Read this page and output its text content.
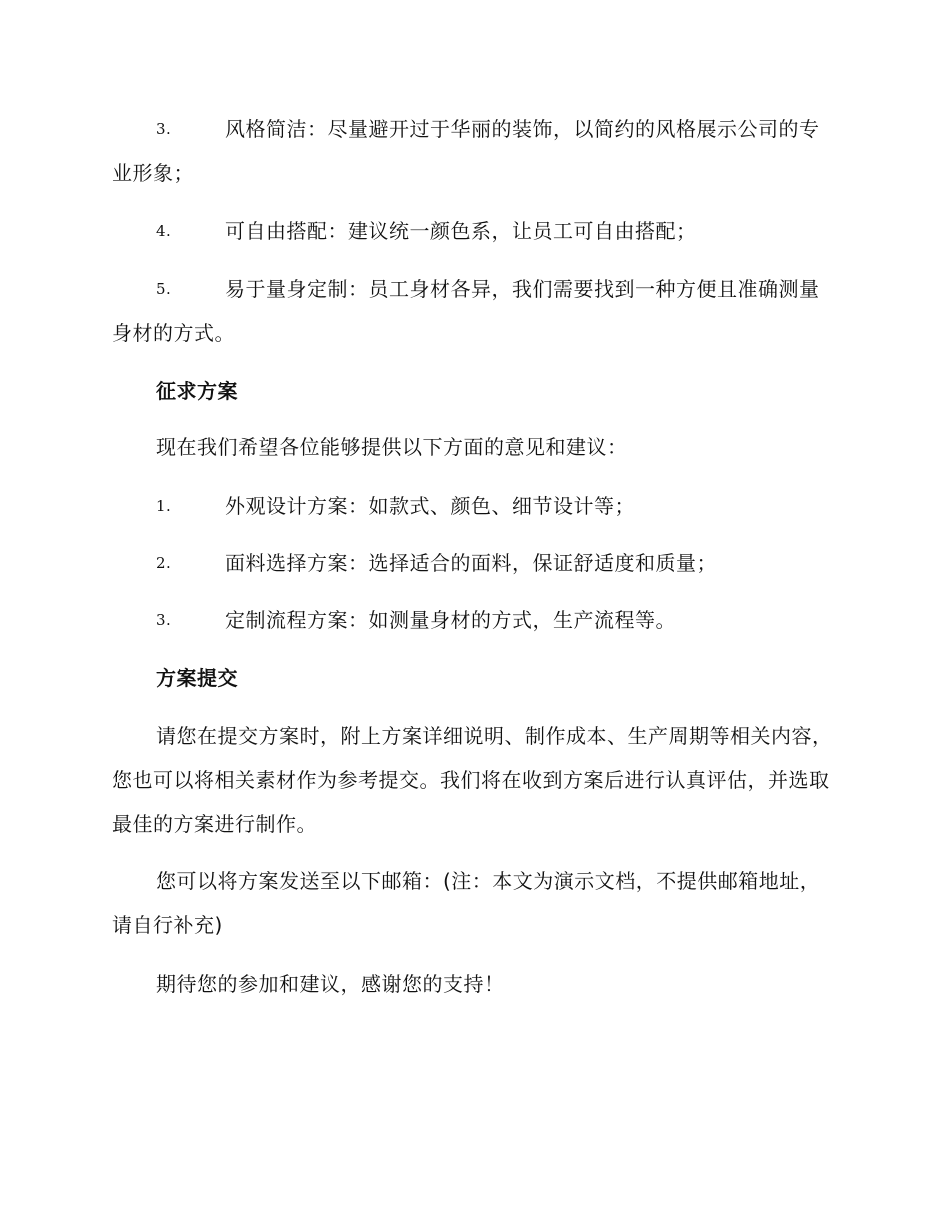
3.	风格简洁：尽量避开过于华丽的装饰，以简约的风格展示公司的专业形象；
4.	可自由搭配：建议统一颜色系，让员工可自由搭配；
5.	易于量身定制：员工身材各异，我们需要找到一种方便且准确测量身材的方式。
征求方案
现在我们希望各位能够提供以下方面的意见和建议：
1.	外观设计方案：如款式、颜色、细节设计等；
2.	面料选择方案：选择适合的面料，保证舒适度和质量；
3.	定制流程方案：如测量身材的方式，生产流程等。
方案提交
请您在提交方案时，附上方案详细说明、制作成本、生产周期等相关内容，您也可以将相关素材作为参考提交。我们将在收到方案后进行认真评估，并选取最佳的方案进行制作。
您可以将方案发送至以下邮箱：(注：本文为演示文档，不提供邮箱地址，请自行补充)
期待您的参加和建议，感谢您的支持！
